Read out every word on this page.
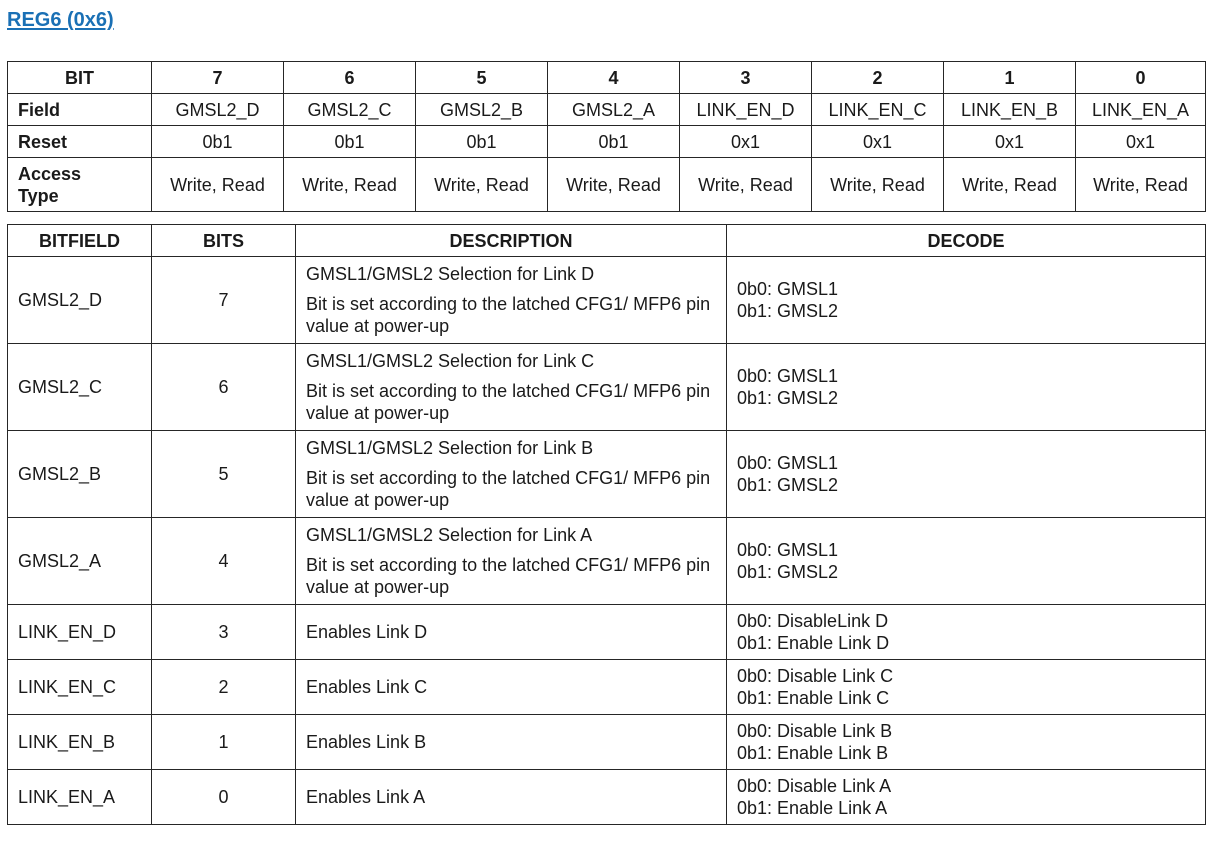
REG6 (0x6)
BIT	7	6	5	4	3	2	1	0
Field	GMSL2_D	GMSL2_C	GMSL2_B	GMSL2_A	LINK_EN_D	LINK_EN_C	LINK_EN_B	LINK_EN_A
Reset	0b1	0b1	0b1	0b1	0x1	0x1	0x1	0x1

Access
Type	Write, Read	Write, Read	Write, Read	Write, Read	Write, Read	Write, Read	Write, Read	Write, Read
BITFIELD	BITS	DESCRIPTION	DECODE
GMSL2_D	7	GMSL1/GMSL2 Selection for Link D
Bit is set according to the latched CFG1/ MFP6 pin value at power-up	0b0: GMSL1
0b1: GMSL2

GMSL2_C	6	GMSL1/GMSL2 Selection for Link C
Bit is set according to the latched CFG1/ MFP6 pin value at power-up	0b0: GMSL1
0b1: GMSL2

GMSL2_B	5	GMSL1/GMSL2 Selection for Link B
Bit is set according to the latched CFG1/ MFP6 pin value at power-up	0b0: GMSL1
0b1: GMSL2

GMSL2_A	4	GMSL1/GMSL2 Selection for Link A
Bit is set according to the latched CFG1/ MFP6 pin value at power-up	0b0: GMSL1
0b1: GMSL2

LINK_EN_D	3	Enables Link D	0b0: DisableLink D
0b1: Enable Link D

LINK_EN_C	2	Enables Link C	0b0: Disable Link C
0b1: Enable Link C

LINK_EN_B	1	Enables Link B	0b0: Disable Link B
0b1: Enable Link B

LINK_EN_A	0	Enables Link A	0b0: Disable Link A
0b1: Enable Link A
